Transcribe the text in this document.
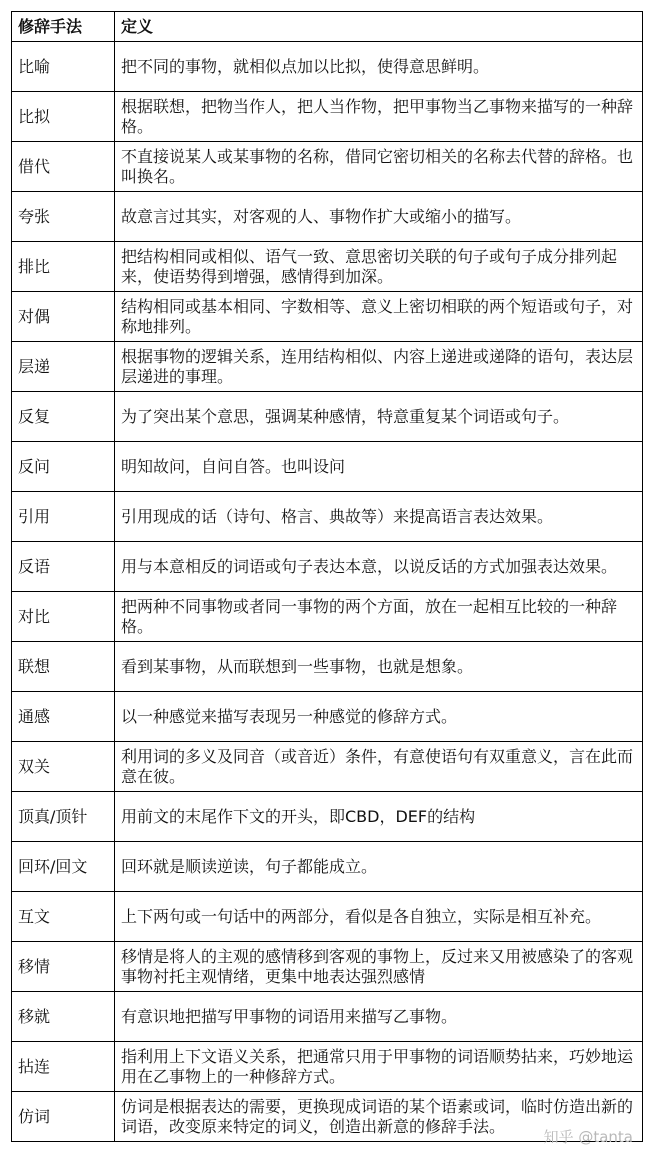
修辞手法	定义
比喻	把不同的事物，就相似点加以比拟，使得意思鲜明。
比拟	根据联想，把物当作人，把人当作物，把甲事物当乙事物来描写的一种辞格。
借代	不直接说某人或某事物的名称，借同它密切相关的名称去代替的辞格。也叫换名。
夸张	故意言过其实，对客观的人、事物作扩大或缩小的描写。
排比	把结构相同或相似、语气一致、意思密切关联的句子或句子成分排列起来，使语势得到增强，感情得到加深。
对偶	结构相同或基本相同、字数相等、意义上密切相联的两个短语或句子，对称地排列。
层递	根据事物的逻辑关系，连用结构相似、内容上递进或递降的语句，表达层层递进的事理。
反复	为了突出某个意思，强调某种感情，特意重复某个词语或句子。
反问	明知故问，自问自答。也叫设问
引用	引用现成的话（诗句、格言、典故等）来提高语言表达效果。
反语	用与本意相反的词语或句子表达本意，以说反话的方式加强表达效果。
对比	把两种不同事物或者同一事物的两个方面，放在一起相互比较的一种辞格。
联想	看到某事物，从而联想到一些事物，也就是想象。
通感	以一种感觉来描写表现另一种感觉的修辞方式。
双关	利用词的多义及同音（或音近）条件，有意使语句有双重意义，言在此而意在彼。
顶真/顶针	用前文的末尾作下文的开头，即CBD，DEF的结构
回环/回文	回环就是顺读逆读，句子都能成立。
互文	上下两句或一句话中的两部分，看似是各自独立，实际是相互补充。
移情	移情是将人的主观的感情移到客观的事物上，反过来又用被感染了的客观事物衬托主观情绪，更集中地表达强烈感情
移就	有意识地把描写甲事物的词语用来描写乙事物。
拈连	指利用上下文语义关系，把通常只用于甲事物的词语顺势拈来，巧妙地运用在乙事物上的一种修辞方式。
仿词	仿词是根据表达的需要，更换现成词语的某个语素或词，临时仿造出新的词语，改变原来特定的词义，创造出新意的修辞手法。
知乎 @tanta
